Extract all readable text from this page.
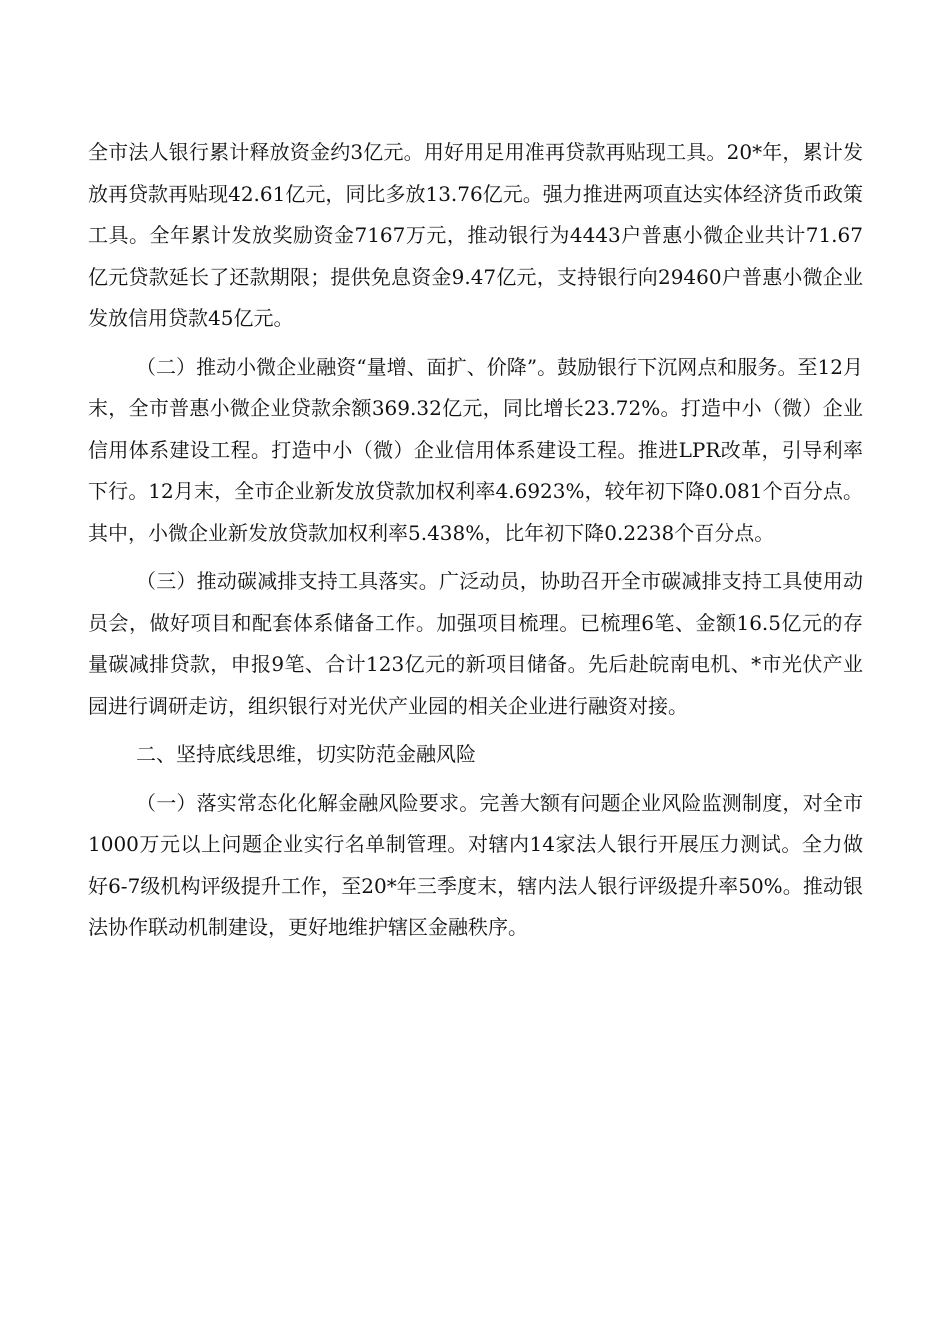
全市法人银行累计释放资金约3亿元。用好用足用准再贷款再贴现工具。20*年，累计发放再贷款再贴现42.61亿元，同比多放13.76亿元。强力推进两项直达实体经济货币政策工具。全年累计发放奖励资金7167万元，推动银行为4443户普惠小微企业共计71.67亿元贷款延长了还款期限；提供免息资金9.47亿元，支持银行向29460户普惠小微企业发放信用贷款45亿元。

（二）推动小微企业融资“量增、面扩、价降”。鼓励银行下沉网点和服务。至12月末，全市普惠小微企业贷款余额369.32亿元，同比增长23.72%。打造中小（微）企业信用体系建设工程。打造中小（微）企业信用体系建设工程。推进LPR改革，引导利率下行。12月末，全市企业新发放贷款加权利率4.6923%，较年初下降0.081个百分点。其中，小微企业新发放贷款加权利率5.438%，比年初下降0.2238个百分点。

（三）推动碳减排支持工具落实。广泛动员，协助召开全市碳减排支持工具使用动员会，做好项目和配套体系储备工作。加强项目梳理。已梳理6笔、金额16.5亿元的存量碳减排贷款，申报9笔、合计123亿元的新项目储备。先后赴皖南电机、*市光伏产业园进行调研走访，组织银行对光伏产业园的相关企业进行融资对接。

二、坚持底线思维，切实防范金融风险

（一）落实常态化化解金融风险要求。完善大额有问题企业风险监测制度，对全市1000万元以上问题企业实行名单制管理。对辖内14家法人银行开展压力测试。全力做好6-7级机构评级提升工作，至20*年三季度末，辖内法人银行评级提升率50%。推动银法协作联动机制建设，更好地维护辖区金融秩序。
